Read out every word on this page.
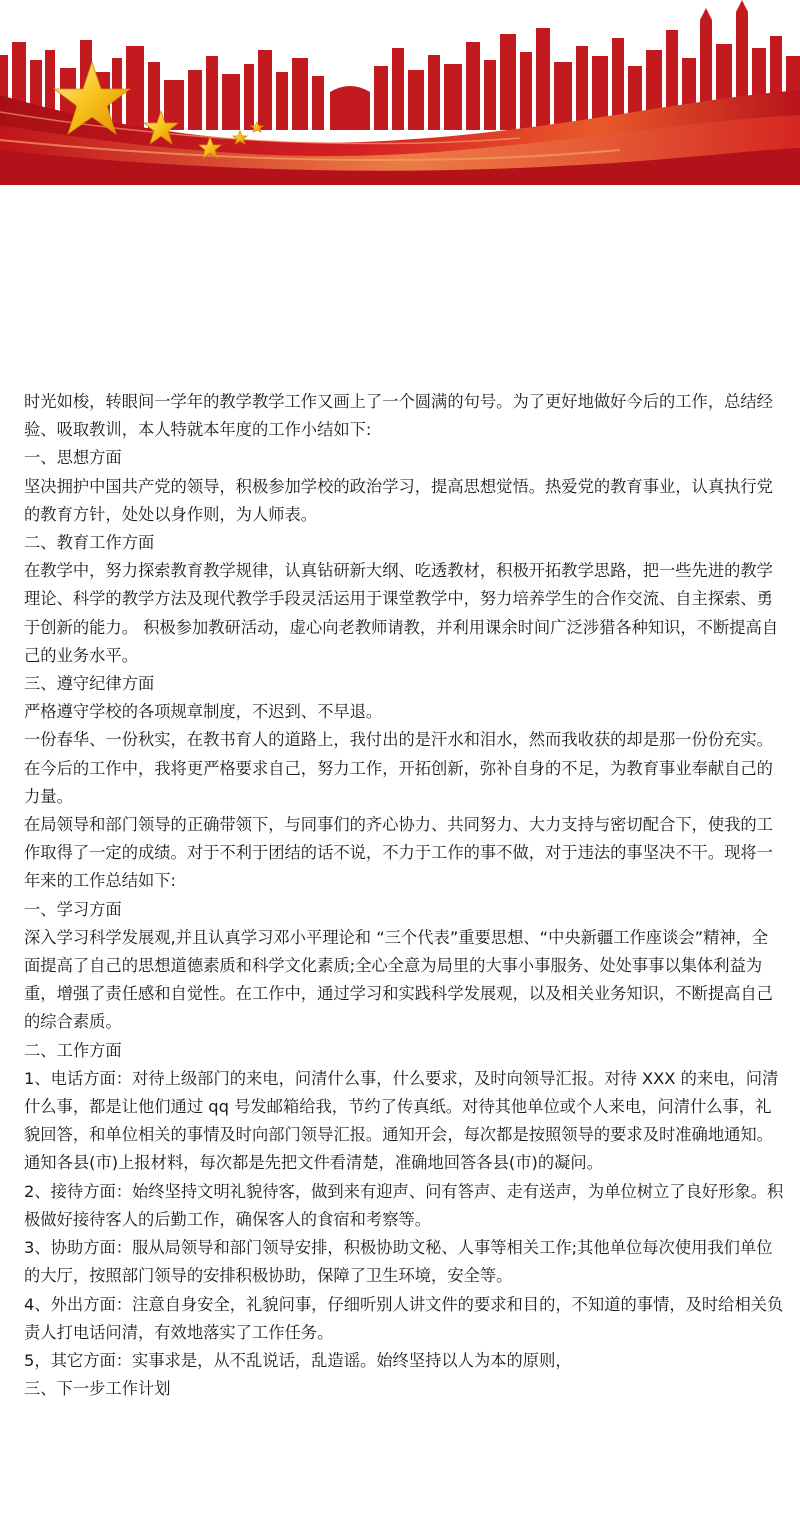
时光如梭，转眼间一学年的教学教学工作又画上了一个圆满的句号。为了更好地做好今后的工作，总结经验、吸取教训，本人特就本年度的工作小结如下:

一、思想方面

坚决拥护中国共产党的领导，积极参加学校的政治学习，提高思想觉悟。热爱党的教育事业，认真执行党的教育方针，处处以身作则，为人师表。

二、教育工作方面

在教学中，努力探索教育教学规律，认真钻研新大纲、吃透教材，积极开拓教学思路，把一些先进的教学理论、科学的教学方法及现代教学手段灵活运用于课堂教学中，努力培养学生的合作交流、自主探索、勇于创新的能力。 积极参加教研活动，虚心向老教师请教，并利用课余时间广泛涉猎各种知识，不断提高自己的业务水平。

三、遵守纪律方面

严格遵守学校的各项规章制度，不迟到、不早退。

一份春华、一份秋实，在教书育人的道路上，我付出的是汗水和泪水，然而我收获的却是那一份份充实。在今后的工作中，我将更严格要求自己，努力工作，开拓创新，弥补自身的不足，为教育事业奉献自己的力量。

在局领导和部门领导的正确带领下，与同事们的齐心协力、共同努力、大力支持与密切配合下，使我的工作取得了一定的成绩。对于不利于团结的话不说，不力于工作的事不做，对于违法的事坚决不干。现将一年来的工作总结如下:

一、学习方面

深入学习科学发展观,并且认真学习邓小平理论和 “三个代表”重要思想、“中央新疆工作座谈会”精神，全面提高了自己的思想道德素质和科学文化素质;全心全意为局里的大事小事服务、处处事事以集体利益为重，增强了责任感和自觉性。在工作中，通过学习和实践科学发展观，以及相关业务知识，不断提高自己的综合素质。

二、工作方面

1、电话方面：对待上级部门的来电，问清什么事，什么要求，及时向领导汇报。对待 XXX 的来电，问清什么事，都是让他们通过 qq 号发邮箱给我，节约了传真纸。对待其他单位或个人来电，问清什么事，礼貌回答，和单位相关的事情及时向部门领导汇报。通知开会，每次都是按照领导的要求及时准确地通知。通知各县(市)上报材料，每次都是先把文件看清楚，准确地回答各县(市)的凝问。

2、接待方面：始终坚持文明礼貌待客，做到来有迎声、问有答声、走有送声，为单位树立了良好形象。积极做好接待客人的后勤工作，确保客人的食宿和考察等。

3、协助方面：服从局领导和部门领导安排，积极协助文秘、人事等相关工作;其他单位每次使用我们单位的大厅，按照部门领导的安排积极协助，保障了卫生环境，安全等。

4、外出方面：注意自身安全，礼貌问事，仔细听别人讲文件的要求和目的，不知道的事情，及时给相关负责人打电话问清，有效地落实了工作任务。

5，其它方面：实事求是，从不乱说话，乱造谣。始终坚持以人为本的原则，

三、下一步工作计划
